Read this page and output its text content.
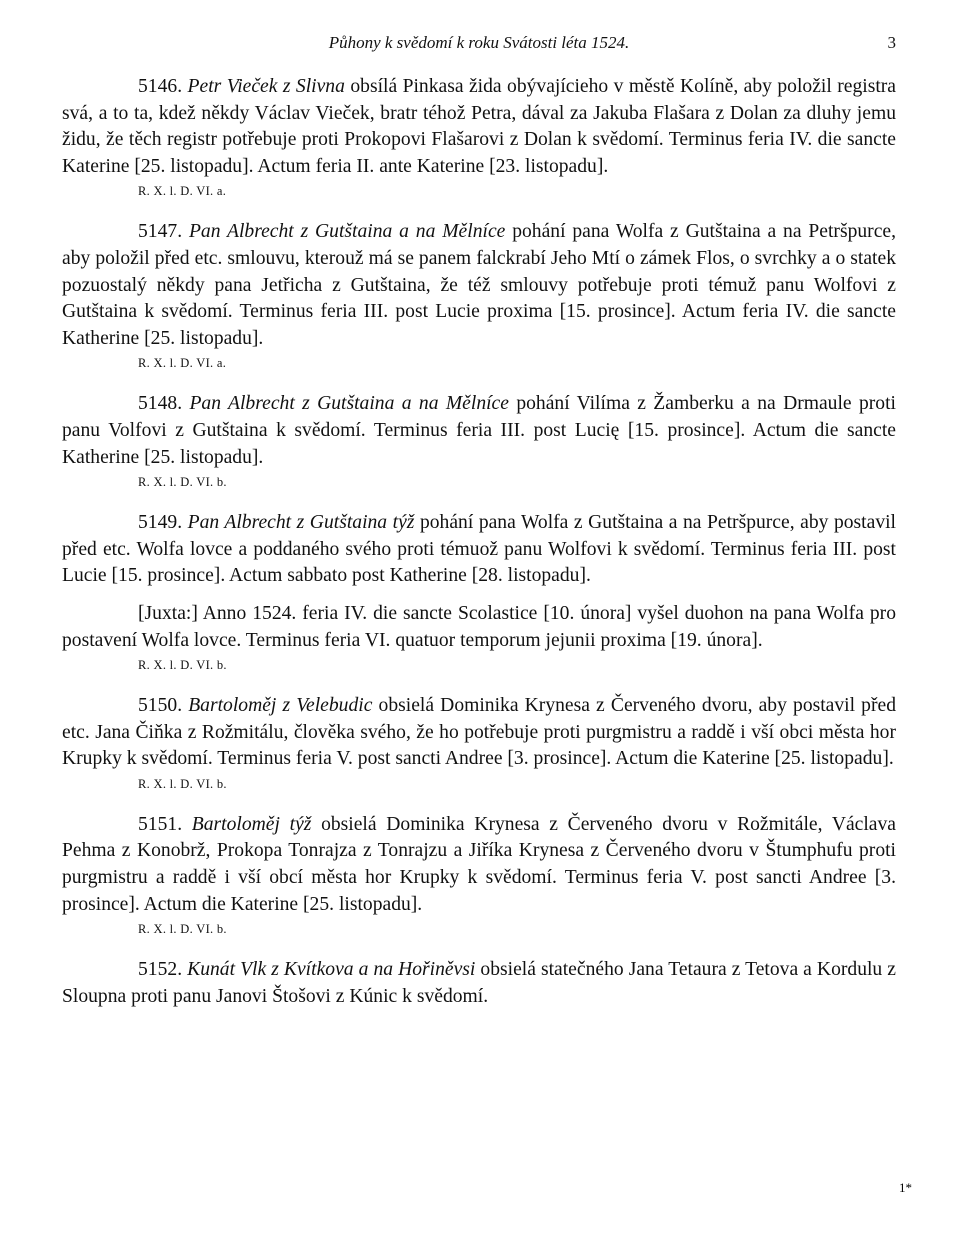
Půhony k svědomí k roku Svátosti léta 1524.	3

5146. Petr Vieček z Slivna obsílá Pinkasa žida obývajícieho v městě Kolíně, aby položil registra svá, a to ta, kdež někdy Václav Vieček, bratr téhož Petra, dával za Jakuba Flašara z Dolan za dluhy jemu židu, že těch registr potřebuje proti Prokopovi Flašarovi z Dolan k svědomí. Terminus feria IV. die sancte Katerine [25. listopadu]. Actum feria II. ante Katerine [23. listopadu].

R. X. l. D. VI. a.

5147. Pan Albrecht z Gutštaina a na Mělníce pohání pana Wolfa z Gutštaina a na Petršpurce, aby položil před etc. smlouvu, kterouž má se panem falckrabí Jeho Mtí o zámek Flos, o svrchky a o statek pozuostalý někdy pana Jetřicha z Gutštaina, že též smlouvy potřebuje proti témuž panu Wolfovi z Gutštaina k svědomí. Terminus feria III. post Lucie proxima [15. prosince]. Actum feria IV. die sancte Katherine [25. listopadu].

R. X. l. D. VI. a.

5148. Pan Albrecht z Gutštaina a na Mělníce pohání Vilíma z Žamberku a na Drmaule proti panu Volfovi z Gutštaina k svědomí. Terminus feria III. post Lucię [15. prosince]. Actum die sancte Katherine [25. listopadu].

R. X. l. D. VI. b.

5149. Pan Albrecht z Gutštaina týž pohání pana Wolfa z Gutštaina a na Petršpurce, aby postavil před etc. Wolfa lovce a poddaného svého proti témuož panu Wolfovi k svědomí. Terminus feria III. post Lucie [15. prosince]. Actum sabbato post Katherine [28. listopadu].

[Juxta:] Anno 1524. feria IV. die sancte Scolastice [10. února] vyšel duohon na pana Wolfa pro postavení Wolfa lovce. Terminus feria VI. quatuor temporum jejunii proxima [19. února].

R. X. l. D. VI. b.

5150. Bartoloměj z Velebudic obsielá Dominika Krynesa z Červeného dvoru, aby postavil před etc. Jana Čiňka z Rožmitálu, člověka svého, že ho potřebuje proti purgmistru a raddě i vší obci města hor Krupky k svědomí. Terminus feria V. post sancti Andree [3. prosince]. Actum die Katerine [25. listopadu].

R. X. l. D. VI. b.

5151. Bartoloměj týž obsielá Dominika Krynesa z Červeného dvoru v Rožmitále, Václava Pehma z Konobrž, Prokopa Tonrajza z Tonrajzu a Jiříka Krynesa z Červeného dvoru v Štumphufu proti purgmistru a raddě i vší obcí města hor Krupky k svědomí. Terminus feria V. post sancti Andree [3. prosince]. Actum die Katerine [25. listopadu].

R. X. l. D. VI. b.

5152. Kunát Vlk z Kvítkova a na Hořiněvsi obsielá statečného Jana Tetaura z Tetova a Kordulu z Sloupna proti panu Janovi Štošovi z Kúnic k svědomí.

1*
